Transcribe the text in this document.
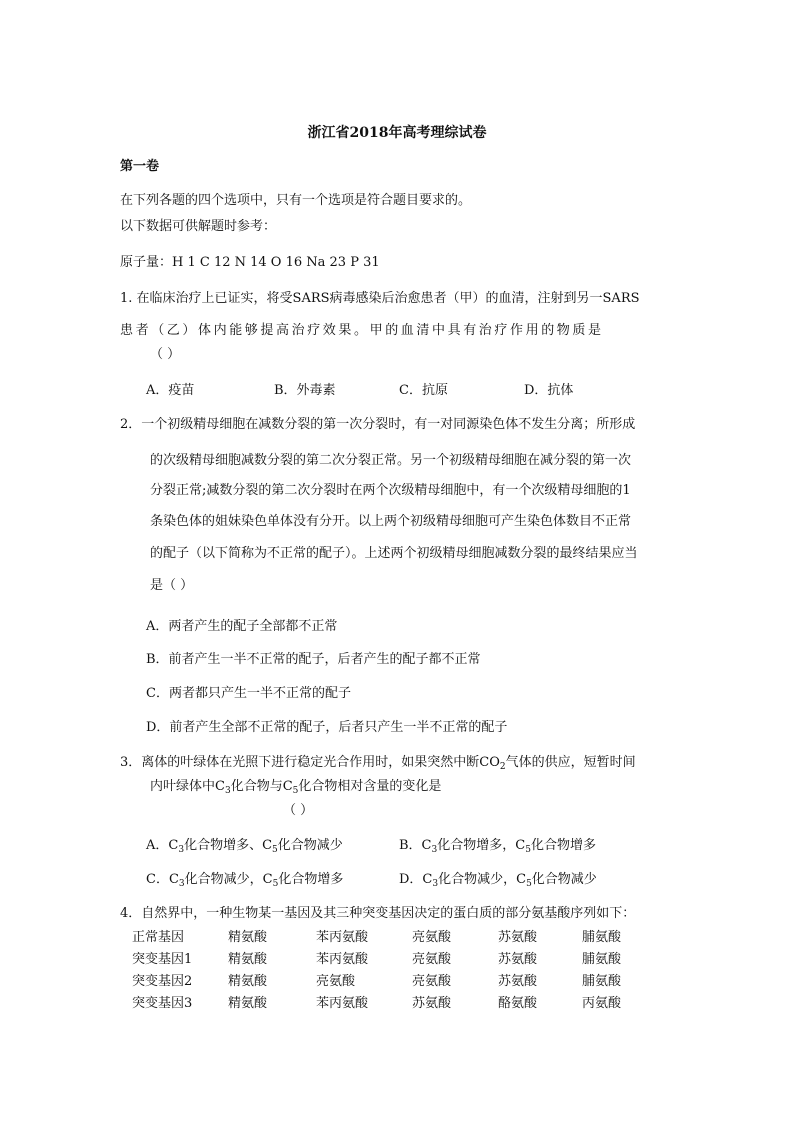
浙江省2018年高考理综试卷
第一卷
在下列各题的四个选项中，只有一个选项是符合题目要求的。
以下数据可供解题时参考：
原子量：H 1 C 12 N 14 O 16 Na 23 P 31
1. 在临床治疗上已证实，将受SARS病毒感染后治愈患者（甲）的血清，注射到另一SARS
患者（乙）体内能够提高治疗效果。甲的血清中具有治疗作用的物质是
（ ）
A．疫苗	B．外毒素	C．抗原	D．抗体
2．一个初级精母细胞在减数分裂的第一次分裂时，有一对同源染色体不发生分离；所形成
的次级精母细胞减数分裂的第二次分裂正常。另一个初级精母细胞在减分裂的第一次
分裂正常;减数分裂的第二次分裂时在两个次级精母细胞中，有一个次级精母细胞的1
条染色体的姐妹染色单体没有分开。以上两个初级精母细胞可产生染色体数目不正常
的配子（以下简称为不正常的配子）。上述两个初级精母细胞减数分裂的最终结果应当
是（ ）
A．两者产生的配子全部都不正常
B．前者产生一半不正常的配子，后者产生的配子都不正常
C．两者都只产生一半不正常的配子
D．前者产生全部不正常的配子，后者只产生一半不正常的配子
3．离体的叶绿体在光照下进行稳定光合作用时，如果突然中断$CO_2$气体的供应，短暂时间
内叶绿体中$C_3$化合物与$C_5$化合物相对含量的变化是
（ ）
A．$C_3$化合物增多、$C_5$化合物减少	B．$C_3$化合物增多，$C_5$化合物增多
C．$C_3$化合物减少，$C_5$化合物增多	D．$C_3$化合物减少，$C_5$化合物减少
4．自然界中，一种生物某一基因及其三种突变基因决定的蛋白质的部分氨基酸序列如下：
正常基因	精氨酸	苯丙氨酸	亮氨酸	苏氨酸	脯氨酸
突变基因1	精氨酸	苯丙氨酸	亮氨酸	苏氨酸	脯氨酸
突变基因2	精氨酸	亮氨酸	亮氨酸	苏氨酸	脯氨酸
突变基因3	精氨酸	苯丙氨酸	苏氨酸	酪氨酸	丙氨酸
